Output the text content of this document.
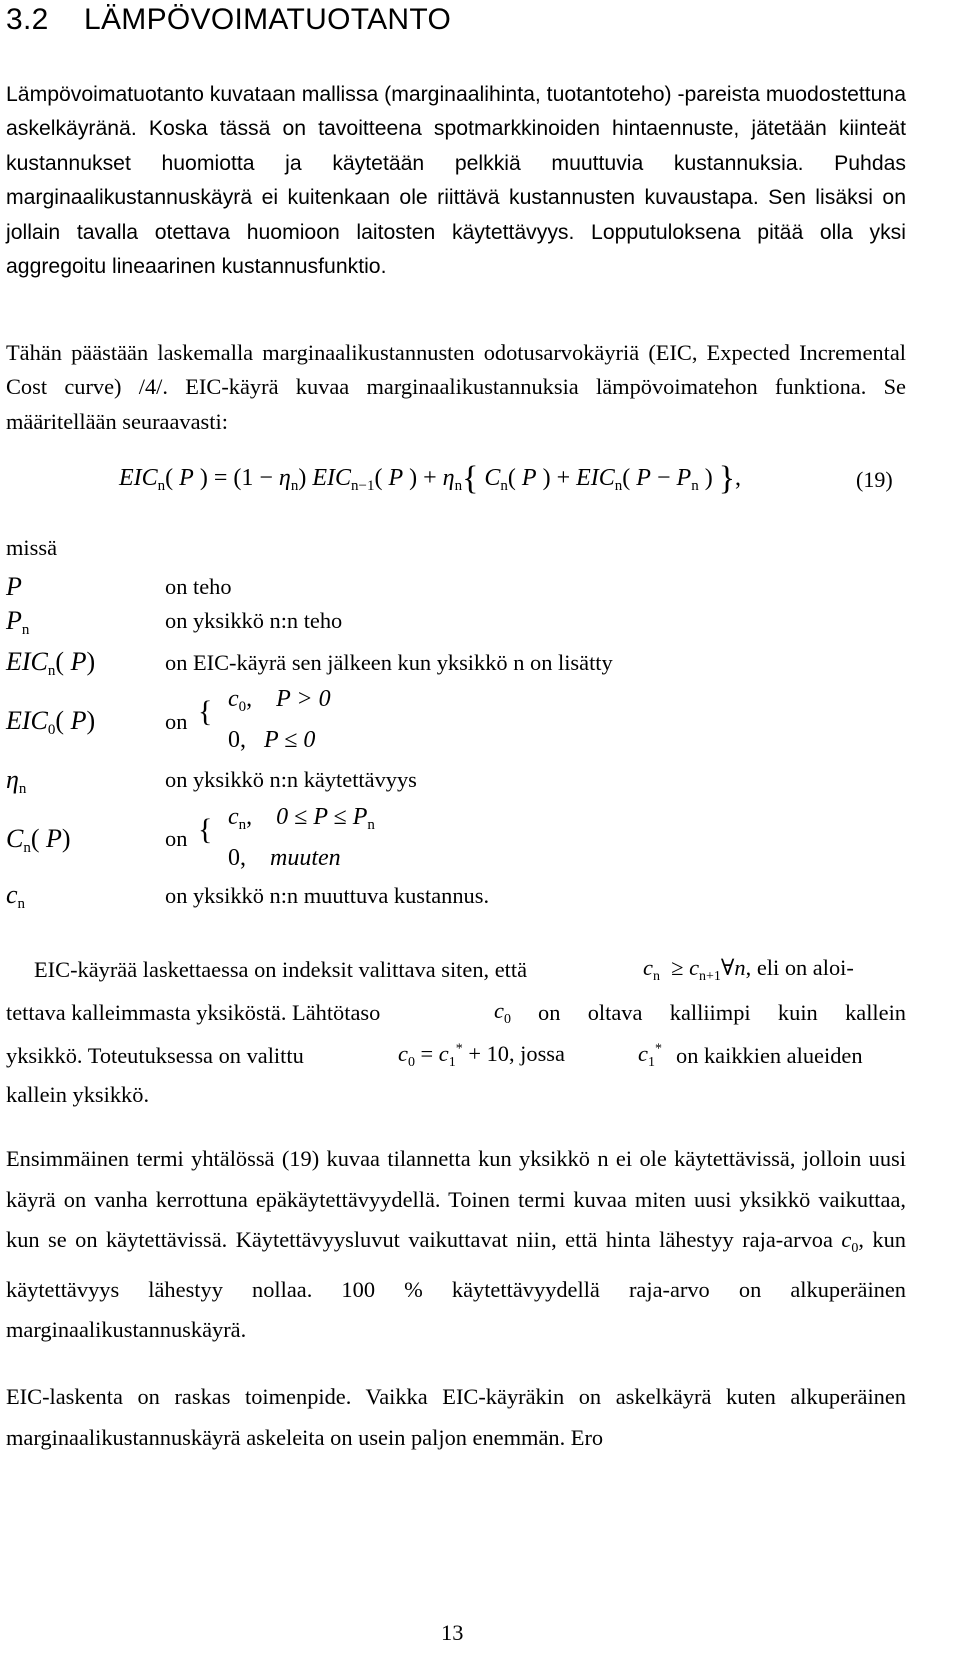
3.2 LÄMPÖVOIMATUOTANTO

Lämpövoimatuotanto kuvataan mallissa (marginaalihinta, tuotantoteho) -pareista muodostettuna askelkäyränä. Koska tässä on tavoitteena spotmarkkinoiden hintaennuste, jätetään kiinteät kustannukset huomiotta ja käytetään pelkkiä muuttuvia kustannuksia. Puhdas marginaalikustannuskäyrä ei kuitenkaan ole riittävä kustannusten kuvaustapa. Sen lisäksi on jollain tavalla otettava huomioon laitosten käytettävyys. Lopputuloksena pitää olla yksi aggregoitu lineaarinen kustannusfunktio.

Tähän päästään laskemalla marginaalikustannusten odotusarvokäyriä (EIC, Expected Incremental Cost curve) /4/. EIC-käyrä kuvaa marginaalikustannuksia lämpövoimatehon funktiona. Se määritellään seuraavasti:

$EIC_n$( P ) = $(1 - \eta_n)$ $EIC_{n-1}$( P ) + $\eta_n${ $C_n$( P ) + $EIC_n$( $P - P_n$ ) },	(19)
missä
P	on teho
$P_n$	on yksikkö n:n teho
$EIC_n$( P)	on EIC-käyrä sen jälkeen kun yksikkö n on lisätty
$EIC_0$( P)	on { $c_0$,    P > 0
0, P ≤ 0
$\eta_n$	on yksikkö n:n käytettävyys
$C_n$( P)	on { $c_n$,    $0 \le P \le P_n$
0, muuten
$c_n$	on yksikkö n:n muuttuva kustannus.
EIC-käyrää laskettaessa on indeksit valittava siten, että	$c_n$ ≥ $c_{n+1}\forall n$, eli on aloi-
tettava kalleimmasta yksiköstä. Lähtötaso	$c_0$ on oltava kalliimpi kuin kallein
yksikkö. Toteutuksessa on valittu	$c_0 = c_1^* + 10$, jossa	$c_1^*$ on kaikkien alueiden
kallein yksikkö.

Ensimmäinen termi yhtälössä (19) kuvaa tilannetta kun yksikkö n ei ole käytettävissä, jolloin uusi käyrä on vanha kerrottuna epäkäytettävyydellä. Toinen termi kuvaa miten uusi yksikkö vaikuttaa, kun se on käytettävissä. Käytettävyysluvut vaikuttavat niin, että hinta lähestyy raja-arvoa $c_0$, kun käytettävyys lähestyy nollaa. 100 % käytettävyydellä raja-arvo on alkuperäinen marginaalikustannuskäyrä.

EIC-laskenta on raskas toimenpide. Vaikka EIC-käyräkin on askelkäyrä kuten alkuperäinen marginaalikustannuskäyrä askeleita on usein paljon enemmän. Ero

13
